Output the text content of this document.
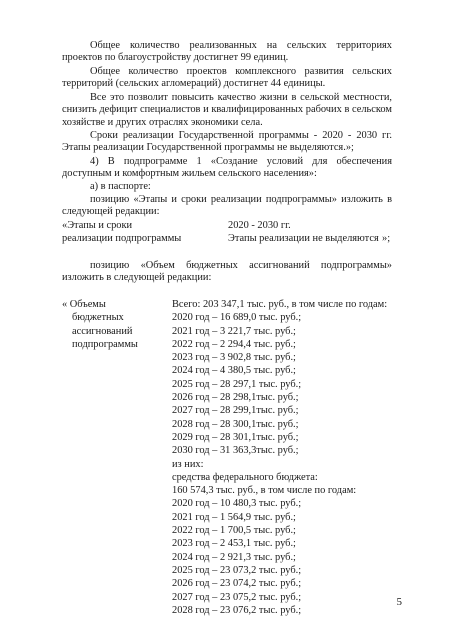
Общее количество реализованных на сельских территориях проектов по благоустройству достигнет 99 единиц.

Общее количество проектов комплексного развития сельских территорий (сельских агломераций) достигнет 44 единицы.

Все это позволит повысить качество жизни в сельской местности, снизить дефицит специалистов и квалифицированных рабочих в сельском хозяйстве и других отраслях экономики села.

Сроки реализации Государственной программы - 2020 - 2030 гг. Этапы реализации Государственной программы не выделяются.»;

4) В подпрограмме 1 «Создание условий для обеспечения доступным и комфортным жильем сельского населения»:

а) в паспорте:

позицию «Этапы и сроки реализации подпрограммы» изложить в следующей редакции:

«Этапы и сроки

реализации подпрограммы

2020 - 2030 гг.

Этапы реализации не выделяются »;

позицию «Объем бюджетных ассигнований подпрограммы» изложить в следующей редакции:

« Объемы
бюджетных
ассигнований
подпрограммы
Всего: 203 347,1 тыс. руб., в том числе по годам:
2020 год – 16 689,0 тыс. руб.;
2021 год – 3 221,7 тыс. руб.;
2022 год – 2 294,4 тыс. руб.;
2023 год – 3 902,8 тыс. руб.;
2024 год – 4 380,5 тыс. руб.;
2025 год – 28 297,1 тыс. руб.;
2026 год – 28 298,1тыс. руб.;
2027 год – 28 299,1тыс. руб.;
2028 год – 28 300,1тыс. руб.;
2029 год – 28 301,1тыс. руб.;
2030 год – 31 363,3тыс. руб.;
из них:
средства федерального бюджета:
160 574,3 тыс. руб., в том числе по годам:
2020 год – 10 480,3 тыс. руб.;
2021 год – 1 564,9 тыс. руб.;
2022 год – 1 700,5 тыс. руб.;
2023 год – 2 453,1 тыс. руб.;
2024 год – 2 921,3 тыс. руб.;
2025 год – 23 073,2 тыс. руб.;
2026 год – 23 074,2 тыс. руб.;
2027 год – 23 075,2 тыс. руб.;
2028 год – 23 076,2 тыс. руб.;
5
